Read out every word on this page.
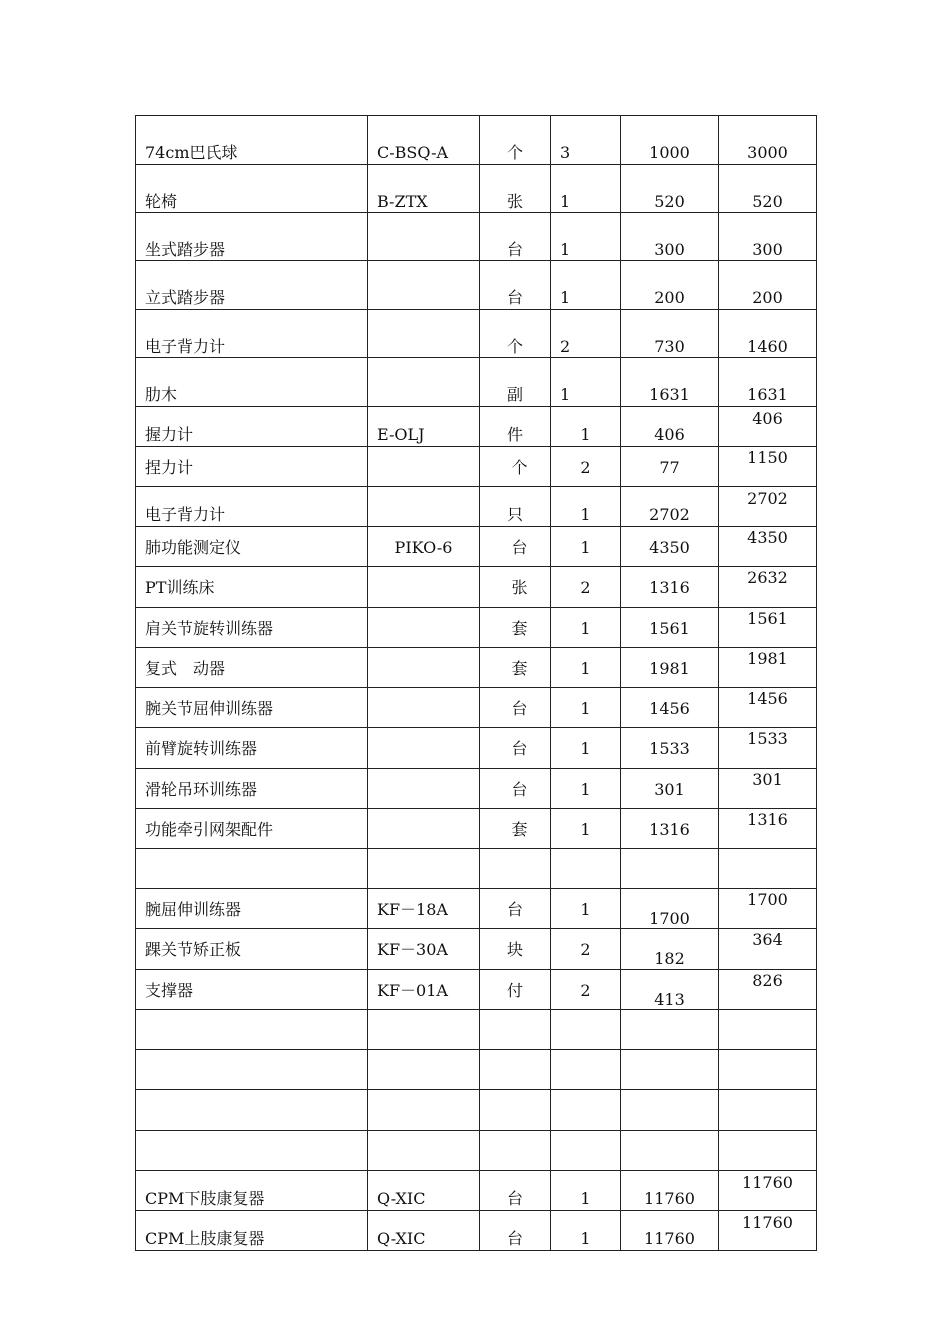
74cm巴氏球	C-BSQ-A	个	3	1000	3000

轮椅	B-ZTX	张	1	520	520

坐式踏步器		台	1	300	300

立式踏步器		台	1	200	200

电子背力计		个	2	730	1460

肋木		副	1	1631	1631

握力计	E-OLJ	件	1	406	406

捏力计		个	2	77	1150

电子背力计		只	1	2702	2702

肺功能测定仪	PIKO-6	台	1	4350	4350

PT训练床		张	2	1316	2632

肩关节旋转训练器		套	1	1561	1561

复式　动器		套	1	1981	1981

腕关节屈伸训练器		台	1	1456	1456

前臂旋转训练器		台	1	1533	1533

滑轮吊环训练器		台	1	301	301

功能牵引网架配件		套	1	1316	1316

腕屈伸训练器	KF－18A	台	1	1700	1700

踝关节矫正板	KF－30A	块	2	182	364

支撑器	KF－01A	付	2	413	826

CPM下肢康复器	Q-XIC	台	1	11760	11760

CPM上肢康复器	Q-XIC	台	1	11760	11760
